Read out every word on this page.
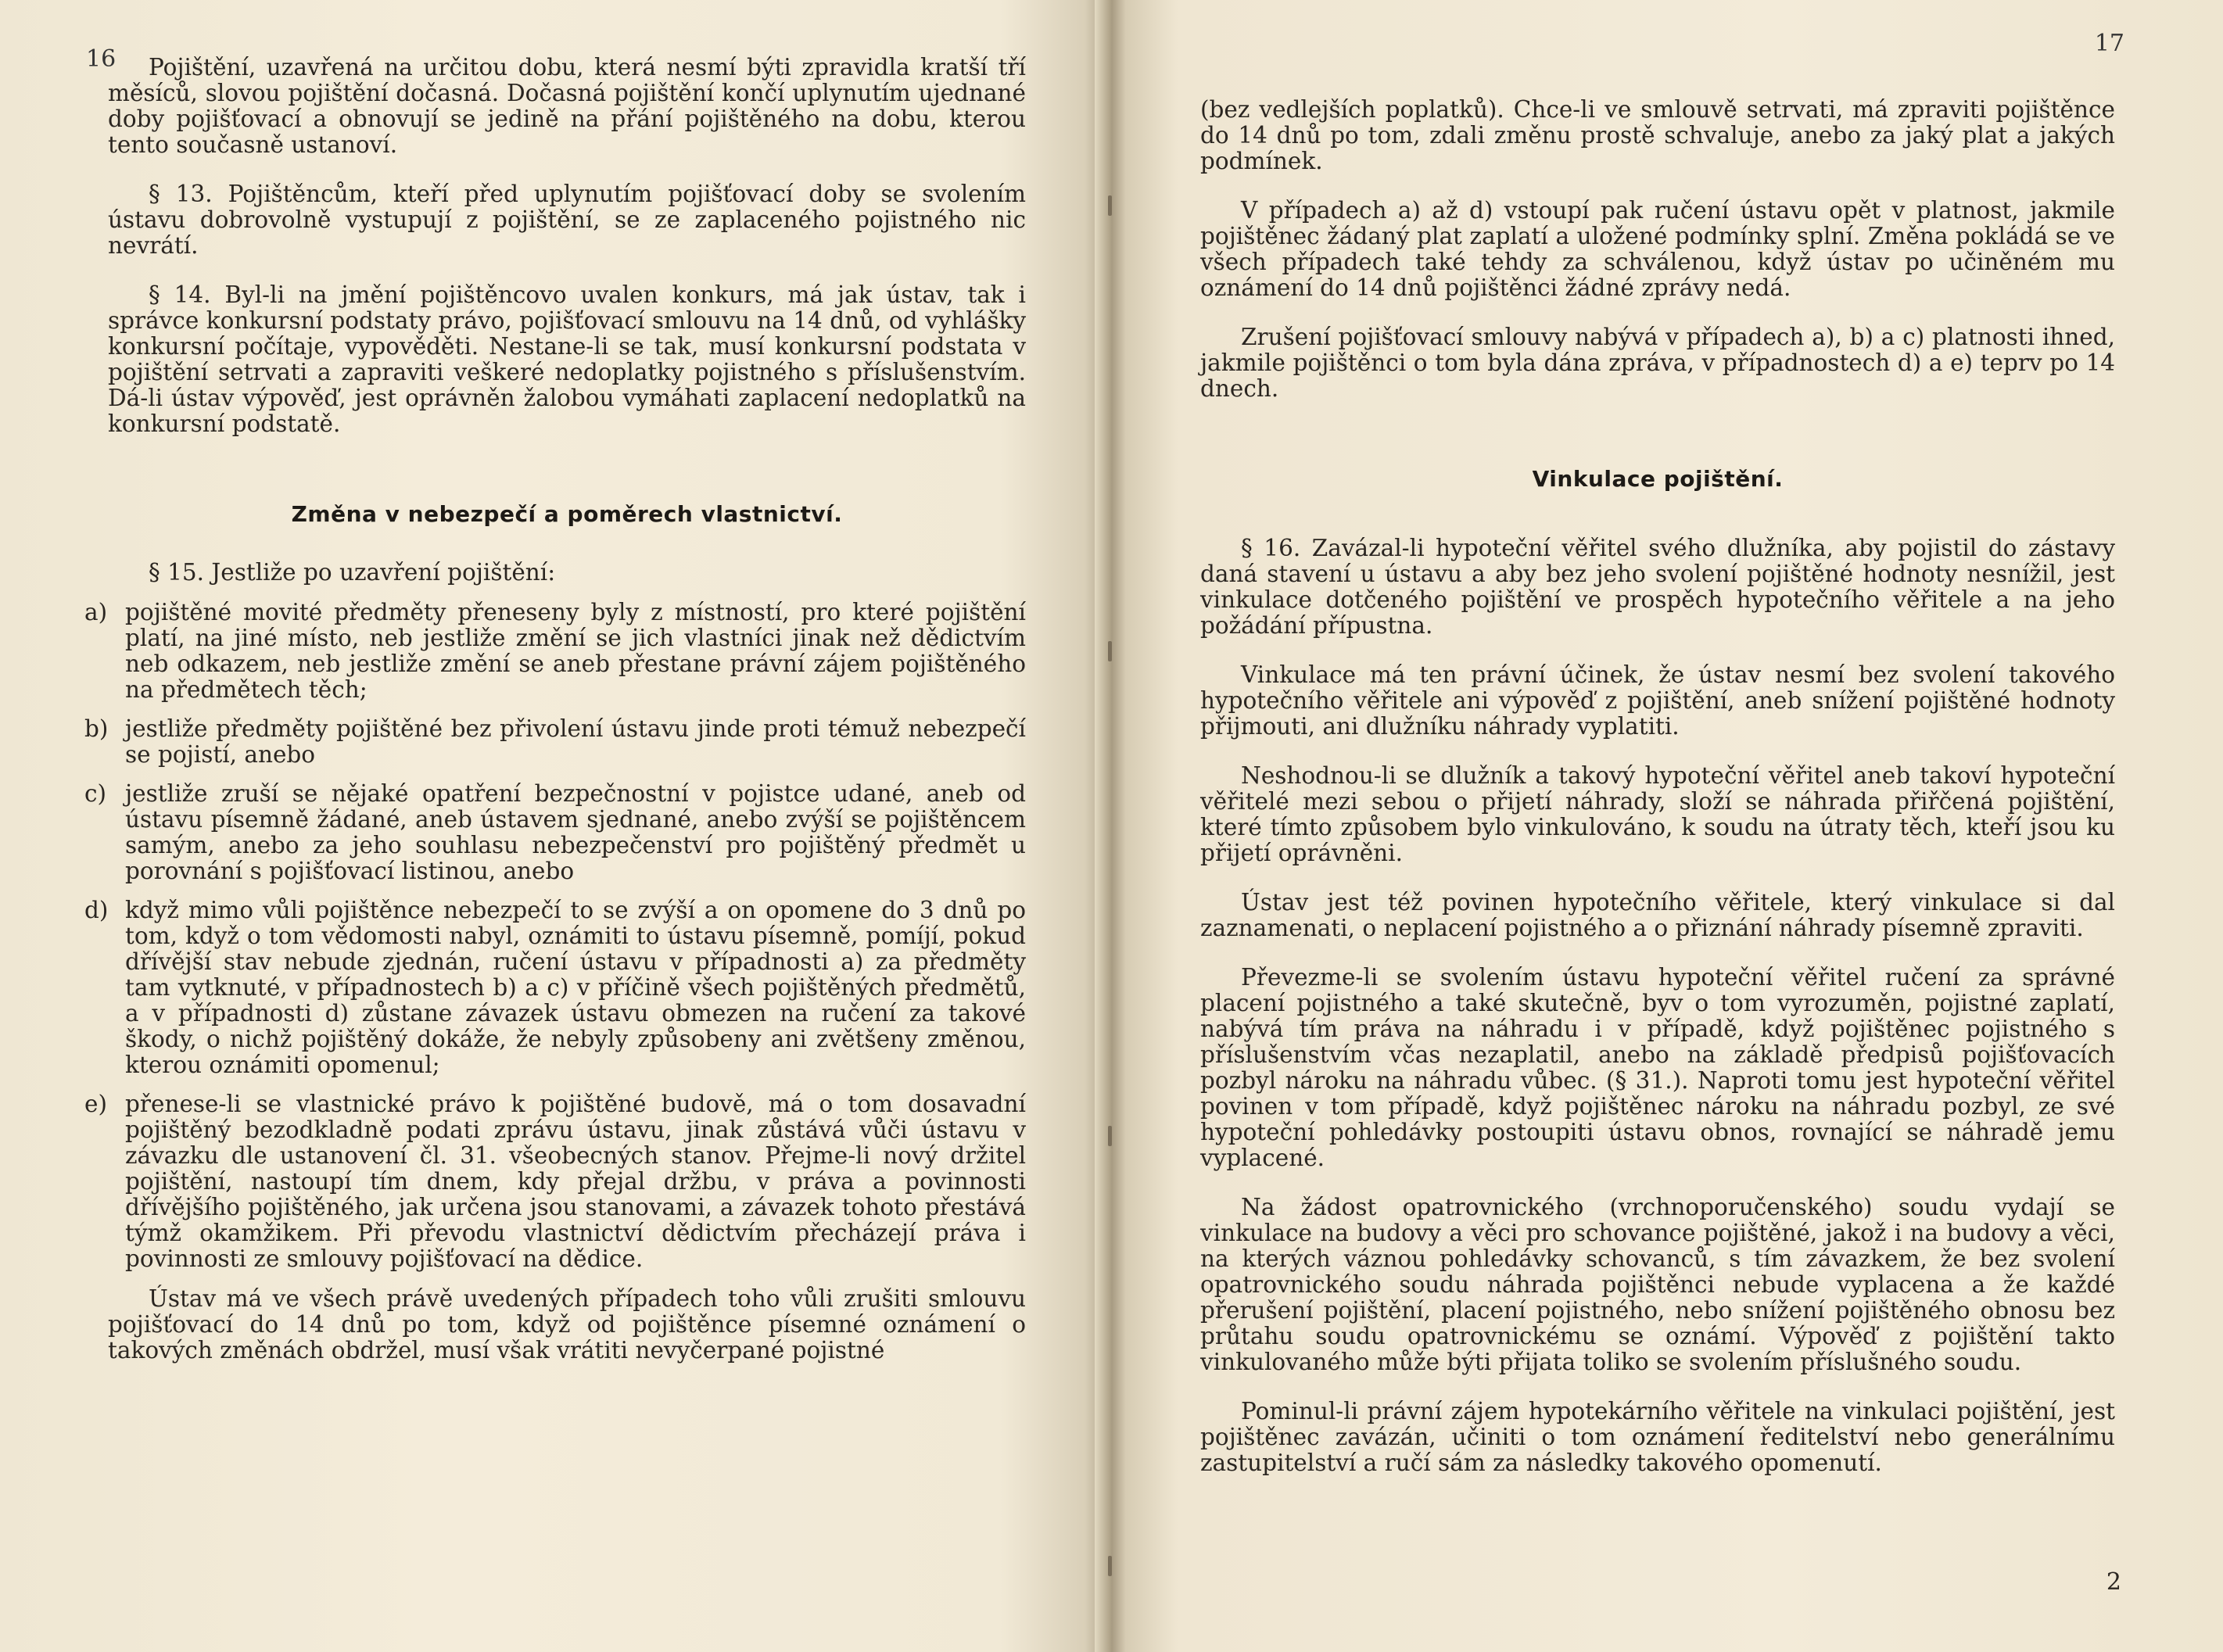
16	Pojištění, uzavřená na určitou dobu, která nesmí býti zpravidla kratší tří měsíců, slovou pojištění dočasná. Dočasná pojištění končí uplynutím ujednané doby pojišťovací a obnovují se jedině na přání pojištěného na dobu, kterou tento současně ustanoví.

§ 13. Pojištěncům, kteří před uplynutím pojišťovací doby se svolením ústavu dobrovolně vystupují z pojištění, se ze zaplaceného pojistného nic nevrátí.

§ 14. Byl-li na jmění pojištěncovo uvalen konkurs, má jak ústav, tak i správce konkursní podstaty právo, pojišťovací smlouvu na 14 dnů, od vyhlášky konkursní počítaje, vypověděti. Nestane-li se tak, musí konkursní podstata v pojištění setrvati a zapraviti veškeré nedoplatky pojistného s příslušenstvím. Dá-li ústav výpověď, jest oprávněn žalobou vymáhati zaplacení nedoplatků na konkursní podstatě.

Změna v nebezpečí a poměrech vlastnictví.

§ 15. Jestliže po uzavření pojištění:

a) pojištěné movité předměty přeneseny byly z místností, pro které pojištění platí, na jiné místo, neb jestliže změní se jich vlastníci jinak než dědictvím neb odkazem, neb jestliže změní se aneb přestane právní zájem pojištěného na předmětech těch;
b) jestliže předměty pojištěné bez přivolení ústavu jinde proti témuž nebezpečí se pojistí, anebo
c) jestliže zruší se nějaké opatření bezpečnostní v pojistce udané, aneb od ústavu písemně žádané, aneb ústavem sjednané, anebo zvýší se pojištěncem samým, anebo za jeho souhlasu nebezpečenství pro pojištěný předmět u porovnání s pojišťovací listinou, anebo
d) když mimo vůli pojištěnce nebezpečí to se zvýší a on opomene do 3 dnů po tom, když o tom vědomosti nabyl, oznámiti to ústavu písemně, pomíjí, pokud dřívější stav nebude zjednán, ručení ústavu v případnosti a) za předměty tam vytknuté, v případnostech b) a c) v příčině všech pojištěných předmětů, a v případnosti d) zůstane závazek ústavu obmezen na ručení za takové škody, o nichž pojištěný dokáže, že nebyly způsobeny ani zvětšeny změnou, kterou oznámiti opomenul;
e) přenese-li se vlastnické právo k pojištěné budově, má o tom dosavadní pojištěný bezodkladně podati zprávu ústavu, jinak zůstává vůči ústavu v závazku dle ustanovení čl. 31. všeobecných stanov. Přejme-li nový držitel pojištění, nastoupí tím dnem, kdy přejal držbu, v práva a povinnosti dřívějšího pojištěného, jak určena jsou stanovami, a závazek tohoto přestává týmž okamžikem. Při převodu vlastnictví dědictvím přecházejí práva i povinnosti ze smlouvy pojišťovací na dědice.

Ústav má ve všech právě uvedených případech toho vůli zrušiti smlouvu pojišťovací do 14 dnů po tom, když od pojištěnce písemné oznámení o takových změnách obdržel, musí však vrátiti nevyčerpané pojistné

17

(bez vedlejších poplatků). Chce-li ve smlouvě setrvati, má zpraviti pojištěnce do 14 dnů po tom, zdali změnu prostě schvaluje, anebo za jaký plat a jakých podmínek.

V případech a) až d) vstoupí pak ručení ústavu opět v platnost, jakmile pojištěnec žádaný plat zaplatí a uložené podmínky splní. Změna pokládá se ve všech případech také tehdy za schválenou, když ústav po učiněném mu oznámení do 14 dnů pojištěnci žádné zprávy nedá.

Zrušení pojišťovací smlouvy nabývá v případech a), b) a c) platnosti ihned, jakmile pojištěnci o tom byla dána zpráva, v případnostech d) a e) teprv po 14 dnech.

Vinkulace pojištění.

§ 16. Zavázal-li hypoteční věřitel svého dlužníka, aby pojistil do zástavy daná stavení u ústavu a aby bez jeho svolení pojištěné hodnoty nesnížil, jest vinkulace dotčeného pojištění ve prospěch hypotečního věřitele a na jeho požádání přípustna.

Vinkulace má ten právní účinek, že ústav nesmí bez svolení takového hypotečního věřitele ani výpověď z pojištění, aneb snížení pojištěné hodnoty přijmouti, ani dlužníku náhrady vyplatiti.

Neshodnou-li se dlužník a takový hypoteční věřitel aneb takoví hypoteční věřitelé mezi sebou o přijetí náhrady, složí se náhrada přiřčená pojištění, které tímto způsobem bylo vinkulováno, k soudu na útraty těch, kteří jsou ku přijetí oprávněni.

Ústav jest též povinen hypotečního věřitele, který vinkulace si dal zaznamenati, o neplacení pojistného a o přiznání náhrady písemně zpraviti.

Převezme-li se svolením ústavu hypoteční věřitel ručení za správné placení pojistného a také skutečně, byv o tom vyrozuměn, pojistné zaplatí, nabývá tím práva na náhradu i v případě, když pojištěnec pojistného s příslušenstvím včas nezaplatil, anebo na základě předpisů pojišťovacích pozbyl nároku na náhradu vůbec. (§ 31.). Naproti tomu jest hypoteční věřitel povinen v tom případě, když pojištěnec nároku na náhradu pozbyl, ze své hypoteční pohledávky postoupiti ústavu obnos, rovnající se náhradě jemu vyplacené.

Na žádost opatrovnického (vrchnoporučenského) soudu vydají se vinkulace na budovy a věci pro schovance pojištěné, jakož i na budovy a věci, na kterých váznou pohledávky schovanců, s tím závazkem, že bez svolení opatrovnického soudu náhrada pojištěnci nebude vyplacena a že každé přerušení pojištění, placení pojistného, nebo snížení pojištěného obnosu bez průtahu soudu opatrovnickému se oznámí. Výpověď z pojištění takto vinkulovaného může býti přijata toliko se svolením příslušného soudu.

Pominul-li právní zájem hypotekárního věřitele na vinkulaci pojištění, jest pojištěnec zavázán, učiniti o tom oznámení ředitelství nebo generálnímu zastupitelství a ručí sám za následky takového opomenutí.

2
